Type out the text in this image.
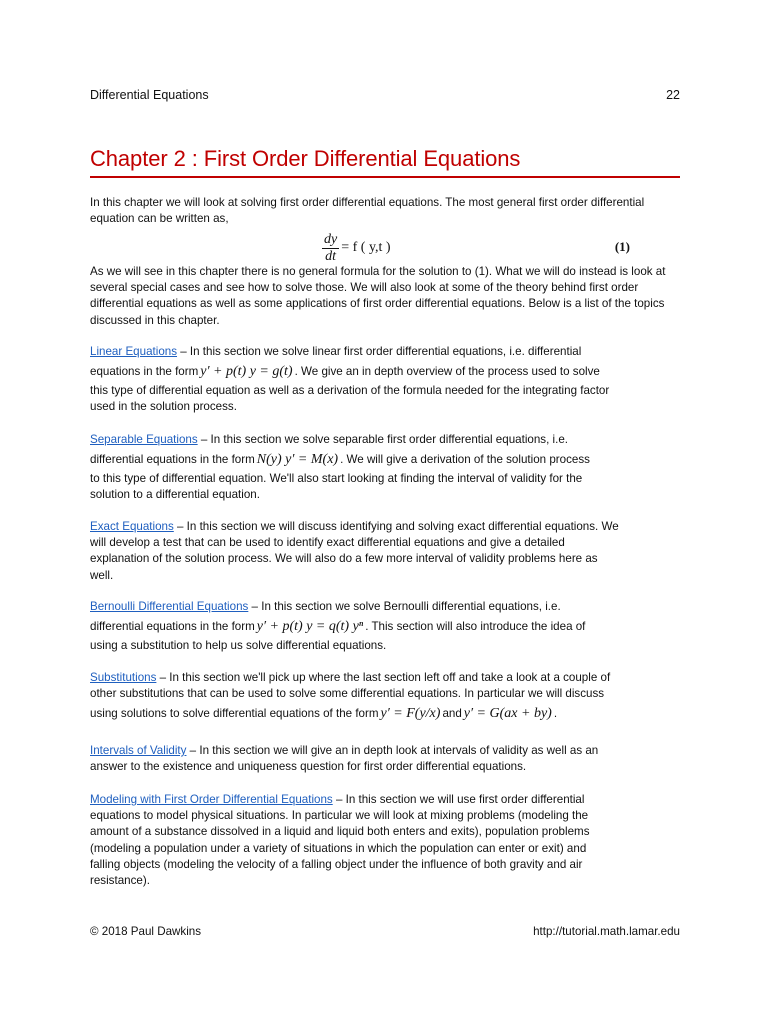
Differential Equations	22
Chapter 2 : First Order Differential Equations

In this chapter we will look at solving first order differential equations. The most general first order differential equation can be written as,

$\frac{dy}{dt} = f$ ( y,t )	(1)

As we will see in this chapter there is no general formula for the solution to (1). What we will do instead is look at several special cases and see how to solve those. We will also look at some of the theory behind first order differential equations as well as some applications of first order differential equations. Below is a list of the topics discussed in this chapter.

Linear Equations – In this section we solve linear first order differential equations, i.e. differential
equations in the form y′ + p(t) y = g(t) . We give an in depth overview of the process used to solve
this type of differential equation as well as a derivation of the formula needed for the integrating factor
used in the solution process.
Separable Equations – In this section we solve separable first order differential equations, i.e.
differential equations in the form N(y) y′ = M(x) . We will give a derivation of the solution process
to this type of differential equation. We'll also start looking at finding the interval of validity for the
solution to a differential equation.
Exact Equations – In this section we will discuss identifying and solving exact differential equations. We
will develop a test that can be used to identify exact differential equations and give a detailed
explanation of the solution process. We will also do a few more interval of validity problems here as
well.
Bernoulli Differential Equations – In this section we solve Bernoulli differential equations, i.e.
differential equations in the form y′ + p(t) y = q(t) yⁿ . This section will also introduce the idea of
using a substitution to help us solve differential equations.
Substitutions – In this section we'll pick up where the last section left off and take a look at a couple of
other substitutions that can be used to solve some differential equations. In particular we will discuss
using solutions to solve differential equations of the form y′ = F(y/x) and y′ = G(ax + by) .
Intervals of Validity – In this section we will give an in depth look at intervals of validity as well as an
answer to the existence and uniqueness question for first order differential equations.
Modeling with First Order Differential Equations – In this section we will use first order differential
equations to model physical situations. In particular we will look at mixing problems (modeling the
amount of a substance dissolved in a liquid and liquid both enters and exits), population problems
(modeling a population under a variety of situations in which the population can enter or exit) and
falling objects (modeling the velocity of a falling object under the influence of both gravity and air
resistance).
© 2018 Paul Dawkins	http://tutorial.math.lamar.edu
